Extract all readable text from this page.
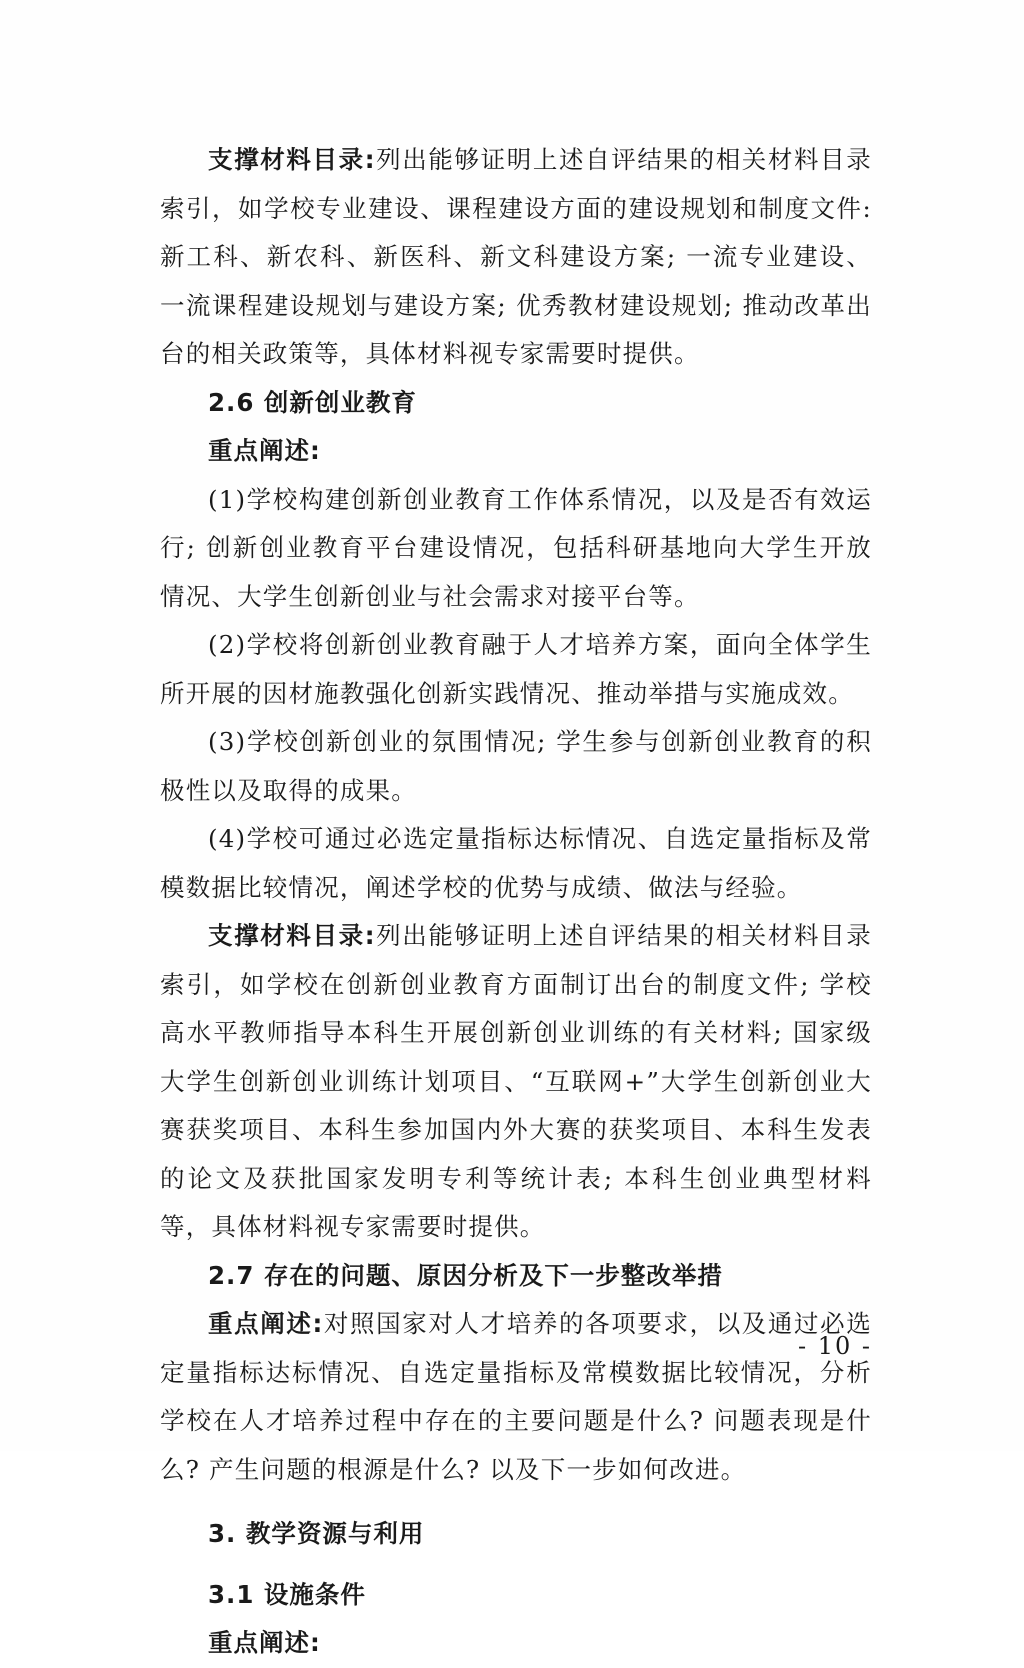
支撑材料目录:列出能够证明上述自评结果的相关材料目录索引，如学校专业建设、课程建设方面的建设规划和制度文件: 新工科、新农科、新医科、新文科建设方案; 一流专业建设、一流课程建设规划与建设方案; 优秀教材建设规划; 推动改革出台的相关政策等，具体材料视专家需要时提供。

2.6 创新创业教育

重点阐述:

(1)学校构建创新创业教育工作体系情况，以及是否有效运行; 创新创业教育平台建设情况，包括科研基地向大学生开放情况、大学生创新创业与社会需求对接平台等。

(2)学校将创新创业教育融于人才培养方案，面向全体学生所开展的因材施教强化创新实践情况、推动举措与实施成效。

(3)学校创新创业的氛围情况; 学生参与创新创业教育的积极性以及取得的成果。

(4)学校可通过必选定量指标达标情况、自选定量指标及常模数据比较情况，阐述学校的优势与成绩、做法与经验。

支撑材料目录:列出能够证明上述自评结果的相关材料目录索引，如学校在创新创业教育方面制订出台的制度文件; 学校高水平教师指导本科生开展创新创业训练的有关材料; 国家级大学生创新创业训练计划项目、“互联网+”大学生创新创业大赛获奖项目、本科生参加国内外大赛的获奖项目、本科生发表的论文及获批国家发明专利等统计表; 本科生创业典型材料等，具体材料视专家需要时提供。

2.7 存在的问题、原因分析及下一步整改举措

重点阐述:对照国家对人才培养的各项要求，以及通过必选定量指标达标情况、自选定量指标及常模数据比较情况，分析学校在人才培养过程中存在的主要问题是什么? 问题表现是什么? 产生问题的根源是什么? 以及下一步如何改进。

3. 教学资源与利用

3.1 设施条件

重点阐述:

- 10 -
